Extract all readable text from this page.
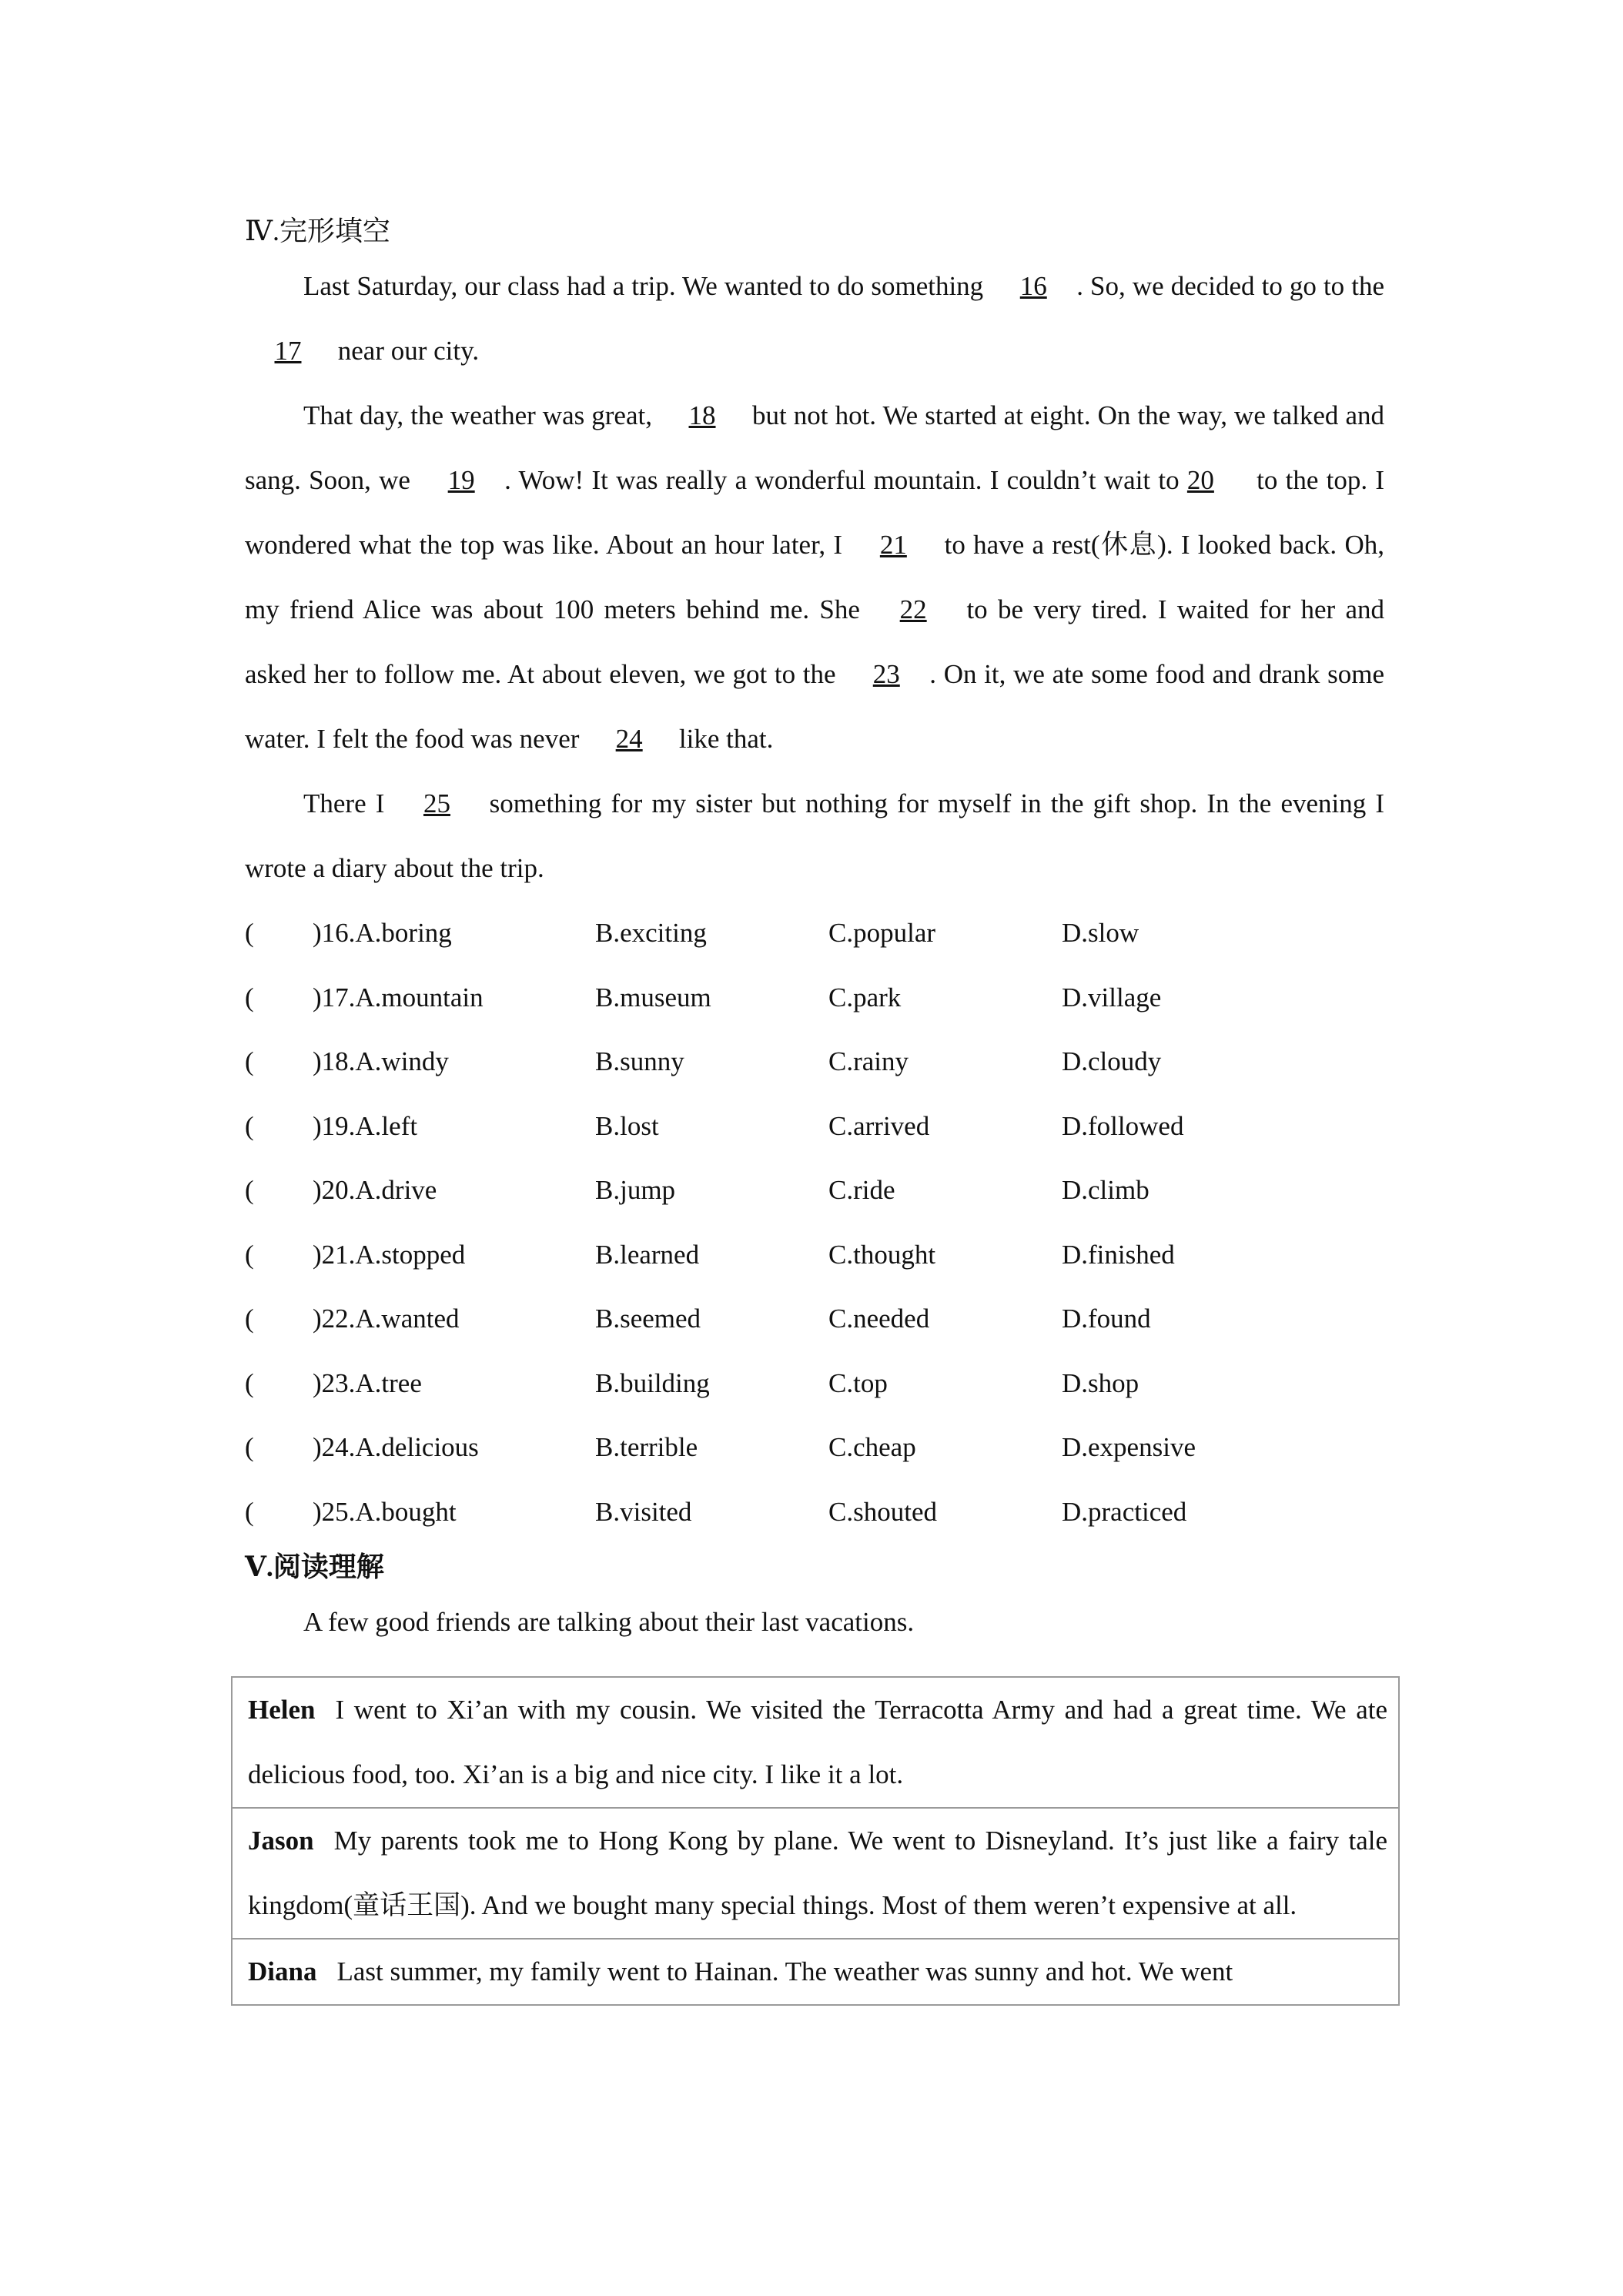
Ⅳ.完形填空

Last Saturday, our class had a trip. We wanted to do something 16 . So, we decided to go to the 17 near our city.

That day, the weather was great, 18 but not hot. We started at eight. On the way, we talked and sang. Soon, we 19 . Wow! It was really a wonderful mountain. I couldn’t wait to 20 to the top. I wondered what the top was like. About an hour later, I 21 to have a rest(休息). I looked back. Oh, my friend Alice was about 100 meters behind me. She 22 to be very tired. I waited for her and asked her to follow me. At about eleven, we got to the 23 . On it, we ate some food and drank some water. I felt the food was never 24 like that.

There I 25 something for my sister but nothing for myself in the gift shop. In the evening I wrote a diary about the trip.

(	)16.A.boring	B.exciting	C.popular	D.slow
(	)17.A.mountain	B.museum	C.park	D.village
(	)18.A.windy	B.sunny	C.rainy	D.cloudy
(	)19.A.left	B.lost	C.arrived	D.followed
(	)20.A.drive	B.jump	C.ride	D.climb
(	)21.A.stopped	B.learned	C.thought	D.finished
(	)22.A.wanted	B.seemed	C.needed	D.found
(	)23.A.tree	B.building	C.top	D.shop
(	)24.A.delicious	B.terrible	C.cheap	D.expensive
(	)25.A.bought	B.visited	C.shouted	D.practiced
Ⅴ.阅读理解

A few good friends are talking about their last vacations.

Helen I went to Xi’an with my cousin. We visited the Terracotta Army and had a great time. We ate delicious food, too. Xi’an is a big and nice city. I like it a lot.
Jason My parents took me to Hong Kong by plane. We went to Disneyland. It’s just like a fairy tale kingdom(童话王国). And we bought many special things. Most of them weren’t expensive at all.
Diana Last summer, my family went to Hainan. The weather was sunny and hot. We went
